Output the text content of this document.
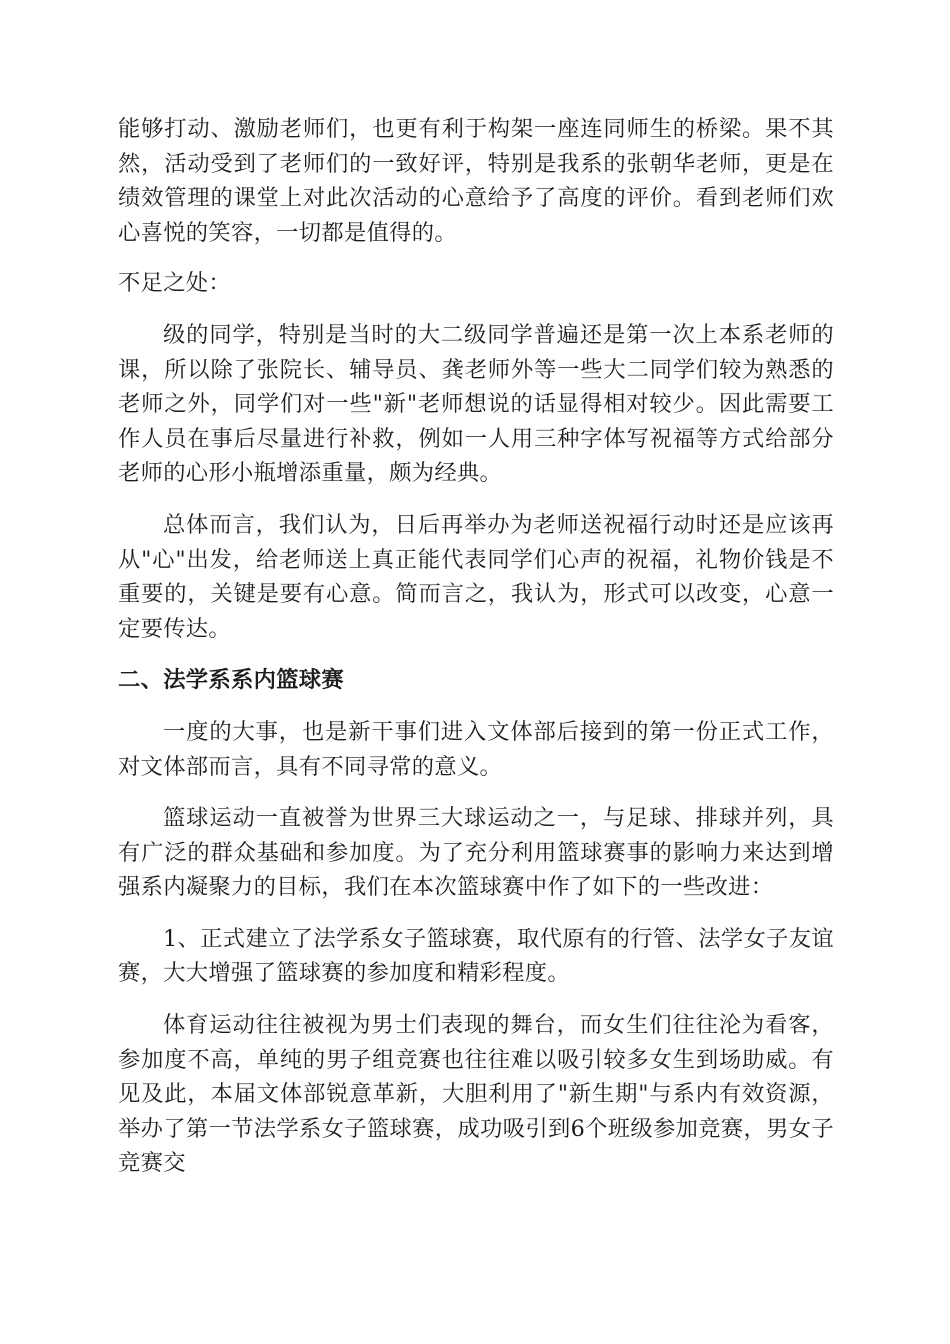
能够打动、激励老师们，也更有利于构架一座连同师生的桥梁。果不其然，活动受到了老师们的一致好评，特别是我系的张朝华老师，更是在绩效管理的课堂上对此次活动的心意给予了高度的评价。看到老师们欢心喜悦的笑容，一切都是值得的。

不足之处：

级的同学，特别是当时的大二级同学普遍还是第一次上本系老师的课，所以除了张院长、辅导员、龚老师外等一些大二同学们较为熟悉的老师之外，同学们对一些"新"老师想说的话显得相对较少。因此需要工作人员在事后尽量进行补救，例如一人用三种字体写祝福等方式给部分老师的心形小瓶增添重量，颇为经典。

总体而言，我们认为，日后再举办为老师送祝福行动时还是应该再从"心"出发，给老师送上真正能代表同学们心声的祝福，礼物价钱是不重要的，关键是要有心意。简而言之，我认为，形式可以改变，心意一定要传达。

二、法学系系内篮球赛

一度的大事，也是新干事们进入文体部后接到的第一份正式工作，对文体部而言，具有不同寻常的意义。

篮球运动一直被誉为世界三大球运动之一，与足球、排球并列，具有广泛的群众基础和参加度。为了充分利用篮球赛事的影响力来达到增强系内凝聚力的目标，我们在本次篮球赛中作了如下的一些改进：

1、正式建立了法学系女子篮球赛，取代原有的行管、法学女子友谊赛，大大增强了篮球赛的参加度和精彩程度。

体育运动往往被视为男士们表现的舞台，而女生们往往沦为看客，参加度不高，单纯的男子组竞赛也往往难以吸引较多女生到场助威。有见及此，本届文体部锐意革新，大胆利用了"新生期"与系内有效资源，举办了第一节法学系女子篮球赛，成功吸引到6个班级参加竞赛，男女子竞赛交
